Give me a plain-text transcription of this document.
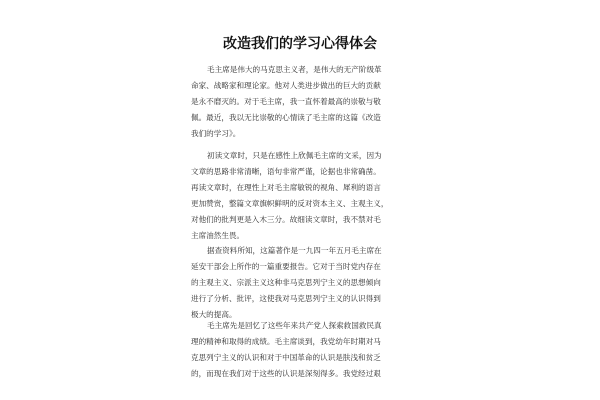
改造我们的学习心得体会
毛主席是伟大的马克思主义者，是伟大的无产阶级革
命家、战略家和理论家。他对人类进步做出的巨大的贡献
是永不磨灭的。对于毛主席，我一直怀着最高的崇敬与敬
佩。最近，我以无比崇敬的心情读了毛主席的这篇《改造
我们的学习》。
初读文章时，只是在感性上欣佩毛主席的文采，因为
文章的思路非常清晰，语句非常严谨，论据也非常确凿。
再读文章时，在理性上对毛主席敏锐的视角、犀利的语言
更加赞赏，整篇文章旗帜鲜明的反对资本主义、主观主义，
对他们的批判更是入木三分。故细读文章时，我不禁对毛
主席油然生畏。
据查资料所知，这篇著作是一九四一年五月毛主席在
延安干部会上所作的一篇重要报告。它对于当时党内存在
的主观主义、宗派主义这种非马克思列宁主义的思想倾向
进行了分析、批评，这使我对马克思列宁主义的认识得到
极大的提高。
毛主席先是回忆了这些年来共产党人探索救国救民真
理的精神和取得的成绩。毛主席谈到，我党幼年时期对马
克思列宁主义的认识和对于中国革命的认识是肤浅和贫乏
的，而现在我们对于这些的认识是深刻得多。我党经过艰
